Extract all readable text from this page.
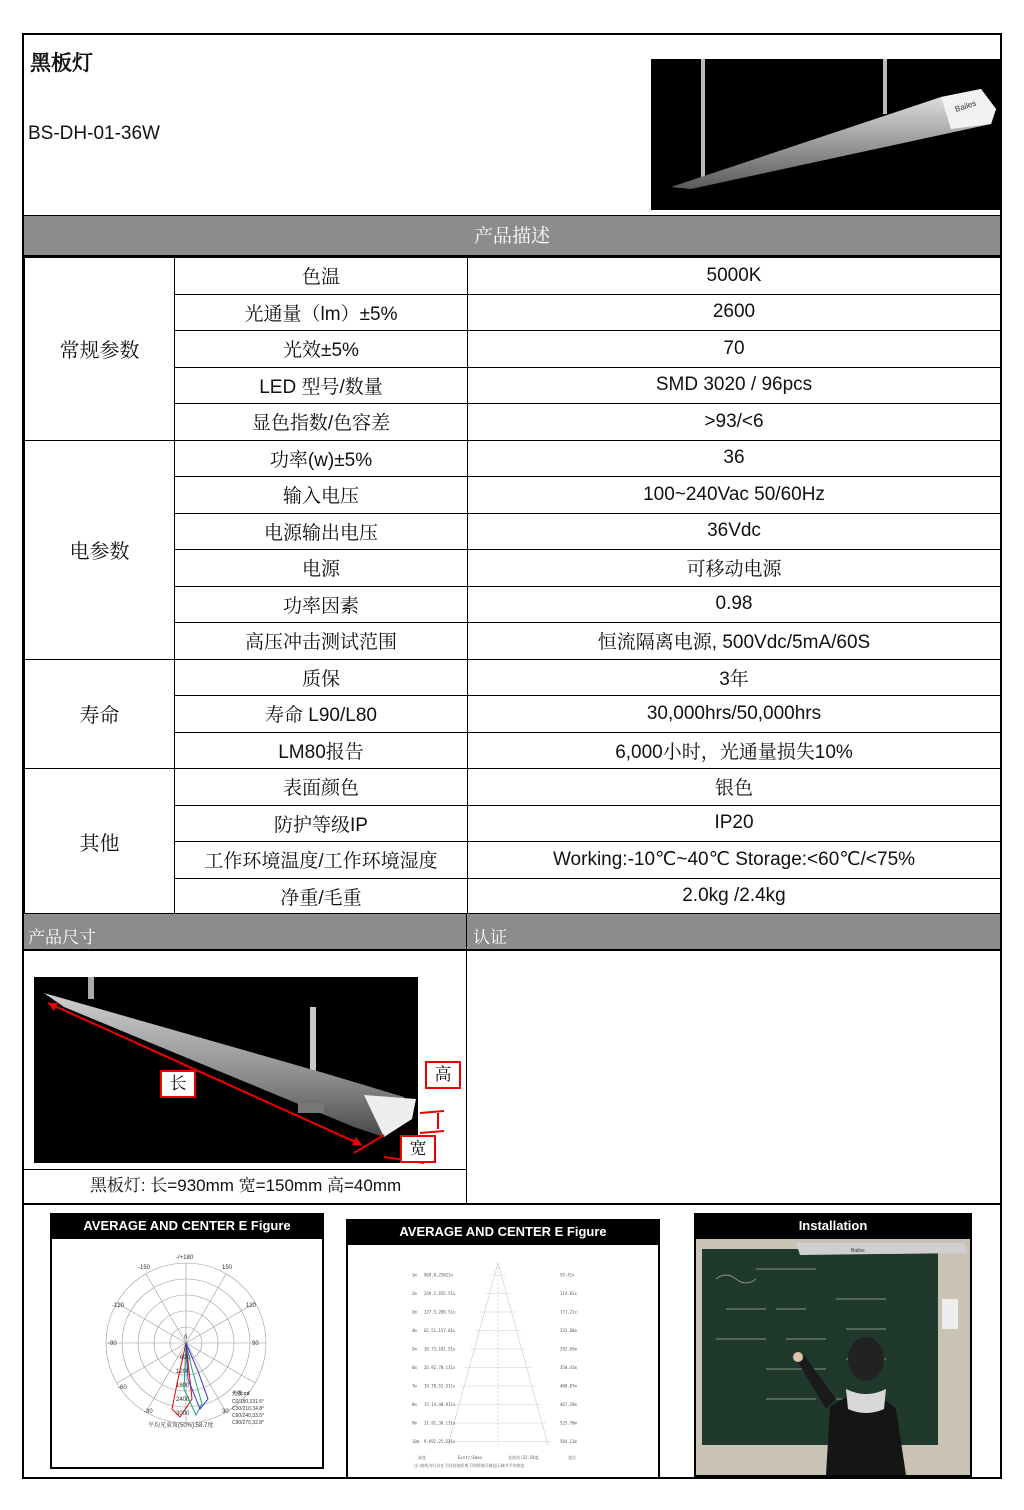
黑板灯
BS-DH-01-36W
Bailes
产品描述
常规参数	色温	5000K
	光通量（lm）±5%	2600
	光效±5%	70
	LED 型号/数量	SMD 3020 / 96pcs
	显色指数/色容差	>93/<6
电参数	功率(w)±5%	36
	输入电压	100~240Vac 50/60Hz
	电源输出电压	36Vdc
	电源	可移动电源
	功率因素	0.98
	高压冲击测试范围	恒流隔离电源, 500Vdc/5mA/60S
寿命	质保	3年
	寿命 L90/L80	30,000hrs/50,000hrs
	LM80报告	6,000小时，光通量损失10%
其他	表面颜色	银色
	防护等级IP	IP20
	工作环境温度/工作环境湿度	Working:-10℃~40℃ Storage:<60℃/<75%
	净重/毛重	2.0kg /2.4kg
产品尺寸	认证
长	高
宽
黑板灯: 长=930mm 宽=150mm 高=40mm
AVERAGE AND CENTER E Figure
-/+180
-150	150
-120	120
-90	90
-60
-30	30
0
600
1200
1800
2400
3000
光强:cd
C0/180,131.6°
C30/210,34.8°
C60/240,33.5°
C90/270,32.8°
平均光束角(50%):58.7度
AVERAGE AND CENTER E Figure
1m 969.8,25021x	59.41x
2m 249.5,655.51x	114.81x
3m 127.5,288.51x	171.21x
4m 62.51,157.01x	233.66m
5m 38.73,101.51x	292.65m
6m 26.92,70.131x	350.41m
7m 19.78,52.511x	408.87m
8m 15.14,40.911x	467.29m
9m 11.91,30.111x	525.70m
10m 9.692,25.231x	584.11m
高度	Ecntr/Emax	光束角:32.54度	直径
注:曲线为归具在不同投射距离下的照射区域及区域内平均照度
Installation
Bailes
